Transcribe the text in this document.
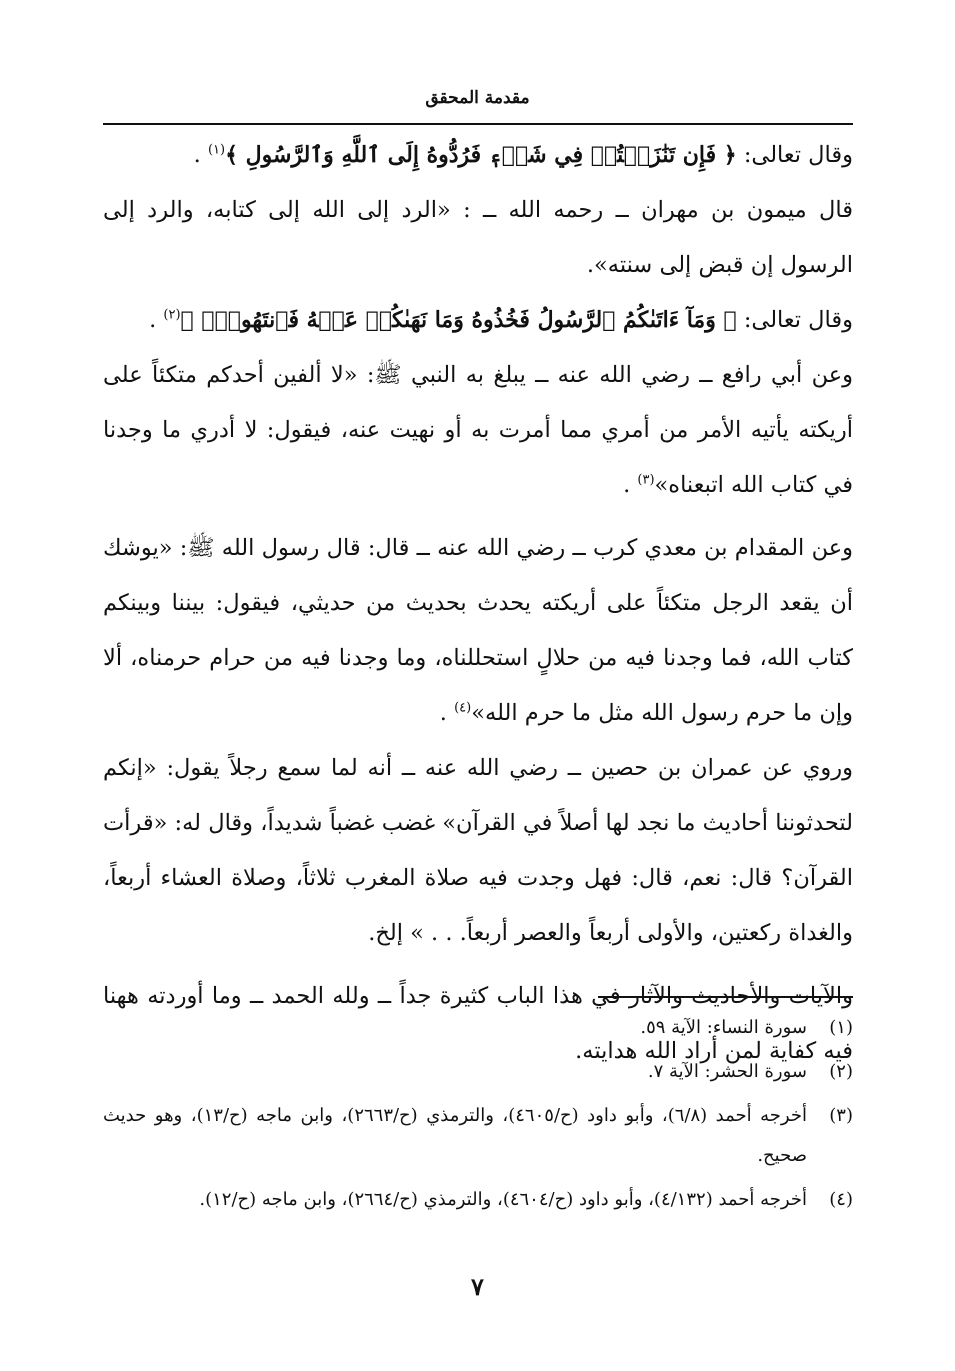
مقدمة المحقق

وقال تعالى: ﴿ فَإِن تَنَٰزَعۡتُمۡ فِي شَيۡءٖ فَرُدُّوهُ إِلَى ٱللَّهِ وَٱلرَّسُولِ ﴾$^{(١)}$ .

قال ميمون بن مهران ــ رحمه الله ــ : «الرد إلى الله إلى كتابه، والرد إلى الرسول إن قبض إلى سنته».

وقال تعالى: ﴿ وَمَآ ءَاتَىٰكُمُ ٱلرَّسُولُ فَخُذُوهُ وَمَا نَهَىٰكُمۡ عَنۡهُ فَٱنتَهُواْۚ ﴾$^{(٢)}$ .

وعن أبي رافع ــ رضي الله عنه ــ يبلغ به النبي ﷺ: «لا ألفين أحدكم متكئاً على أريكته يأتيه الأمر من أمري مما أمرت به أو نهيت عنه، فيقول: لا أدري ما وجدنا في كتاب الله اتبعناه»$^{(٣)}$ .

وعن المقدام بن معدي كرب ــ رضي الله عنه ــ قال: قال رسول الله ﷺ: «يوشك أن يقعد الرجل متكئاً على أريكته يحدث بحديث من حديثي، فيقول: بيننا وبينكم كتاب الله، فما وجدنا فيه من حلالٍ استحللناه، وما وجدنا فيه من حرام حرمناه، ألا وإن ما حرم رسول الله مثل ما حرم الله»$^{(٤)}$ .

وروي عن عمران بن حصين ــ رضي الله عنه ــ أنه لما سمع رجلاً يقول: «إنكم لتحدثوننا أحاديث ما نجد لها أصلاً في القرآن» غضب غضباً شديداً، وقال له: «قرأت القرآن؟ قال: نعم، قال: فهل وجدت فيه صلاة المغرب ثلاثاً، وصلاة العشاء أربعاً، والغداة ركعتين، والأولى أربعاً والعصر أربعاً. . . » إلخ.

والآيات والأحاديث والآثار في هذا الباب كثيرة جداً ــ ولله الحمد ــ وما أوردته ههنا فيه كفاية لمن أراد الله هدايته.

(١)
سورة النساء: الآية ٥٩.
(٢)
سورة الحشر: الآية ٧.
(٣)
أخرجه أحمد (٦/٨)، وأبو داود (ح/٤٦٠٥)، والترمذي (ح/٢٦٦٣)، وابن ماجه (ح/١٣)، وهو حديث صحيح.
(٤)
أخرجه أحمد (٤/١٣٢)، وأبو داود (ح/٤٦٠٤)، والترمذي (ح/٢٦٦٤)، وابن ماجه (ح/١٢).
٧
